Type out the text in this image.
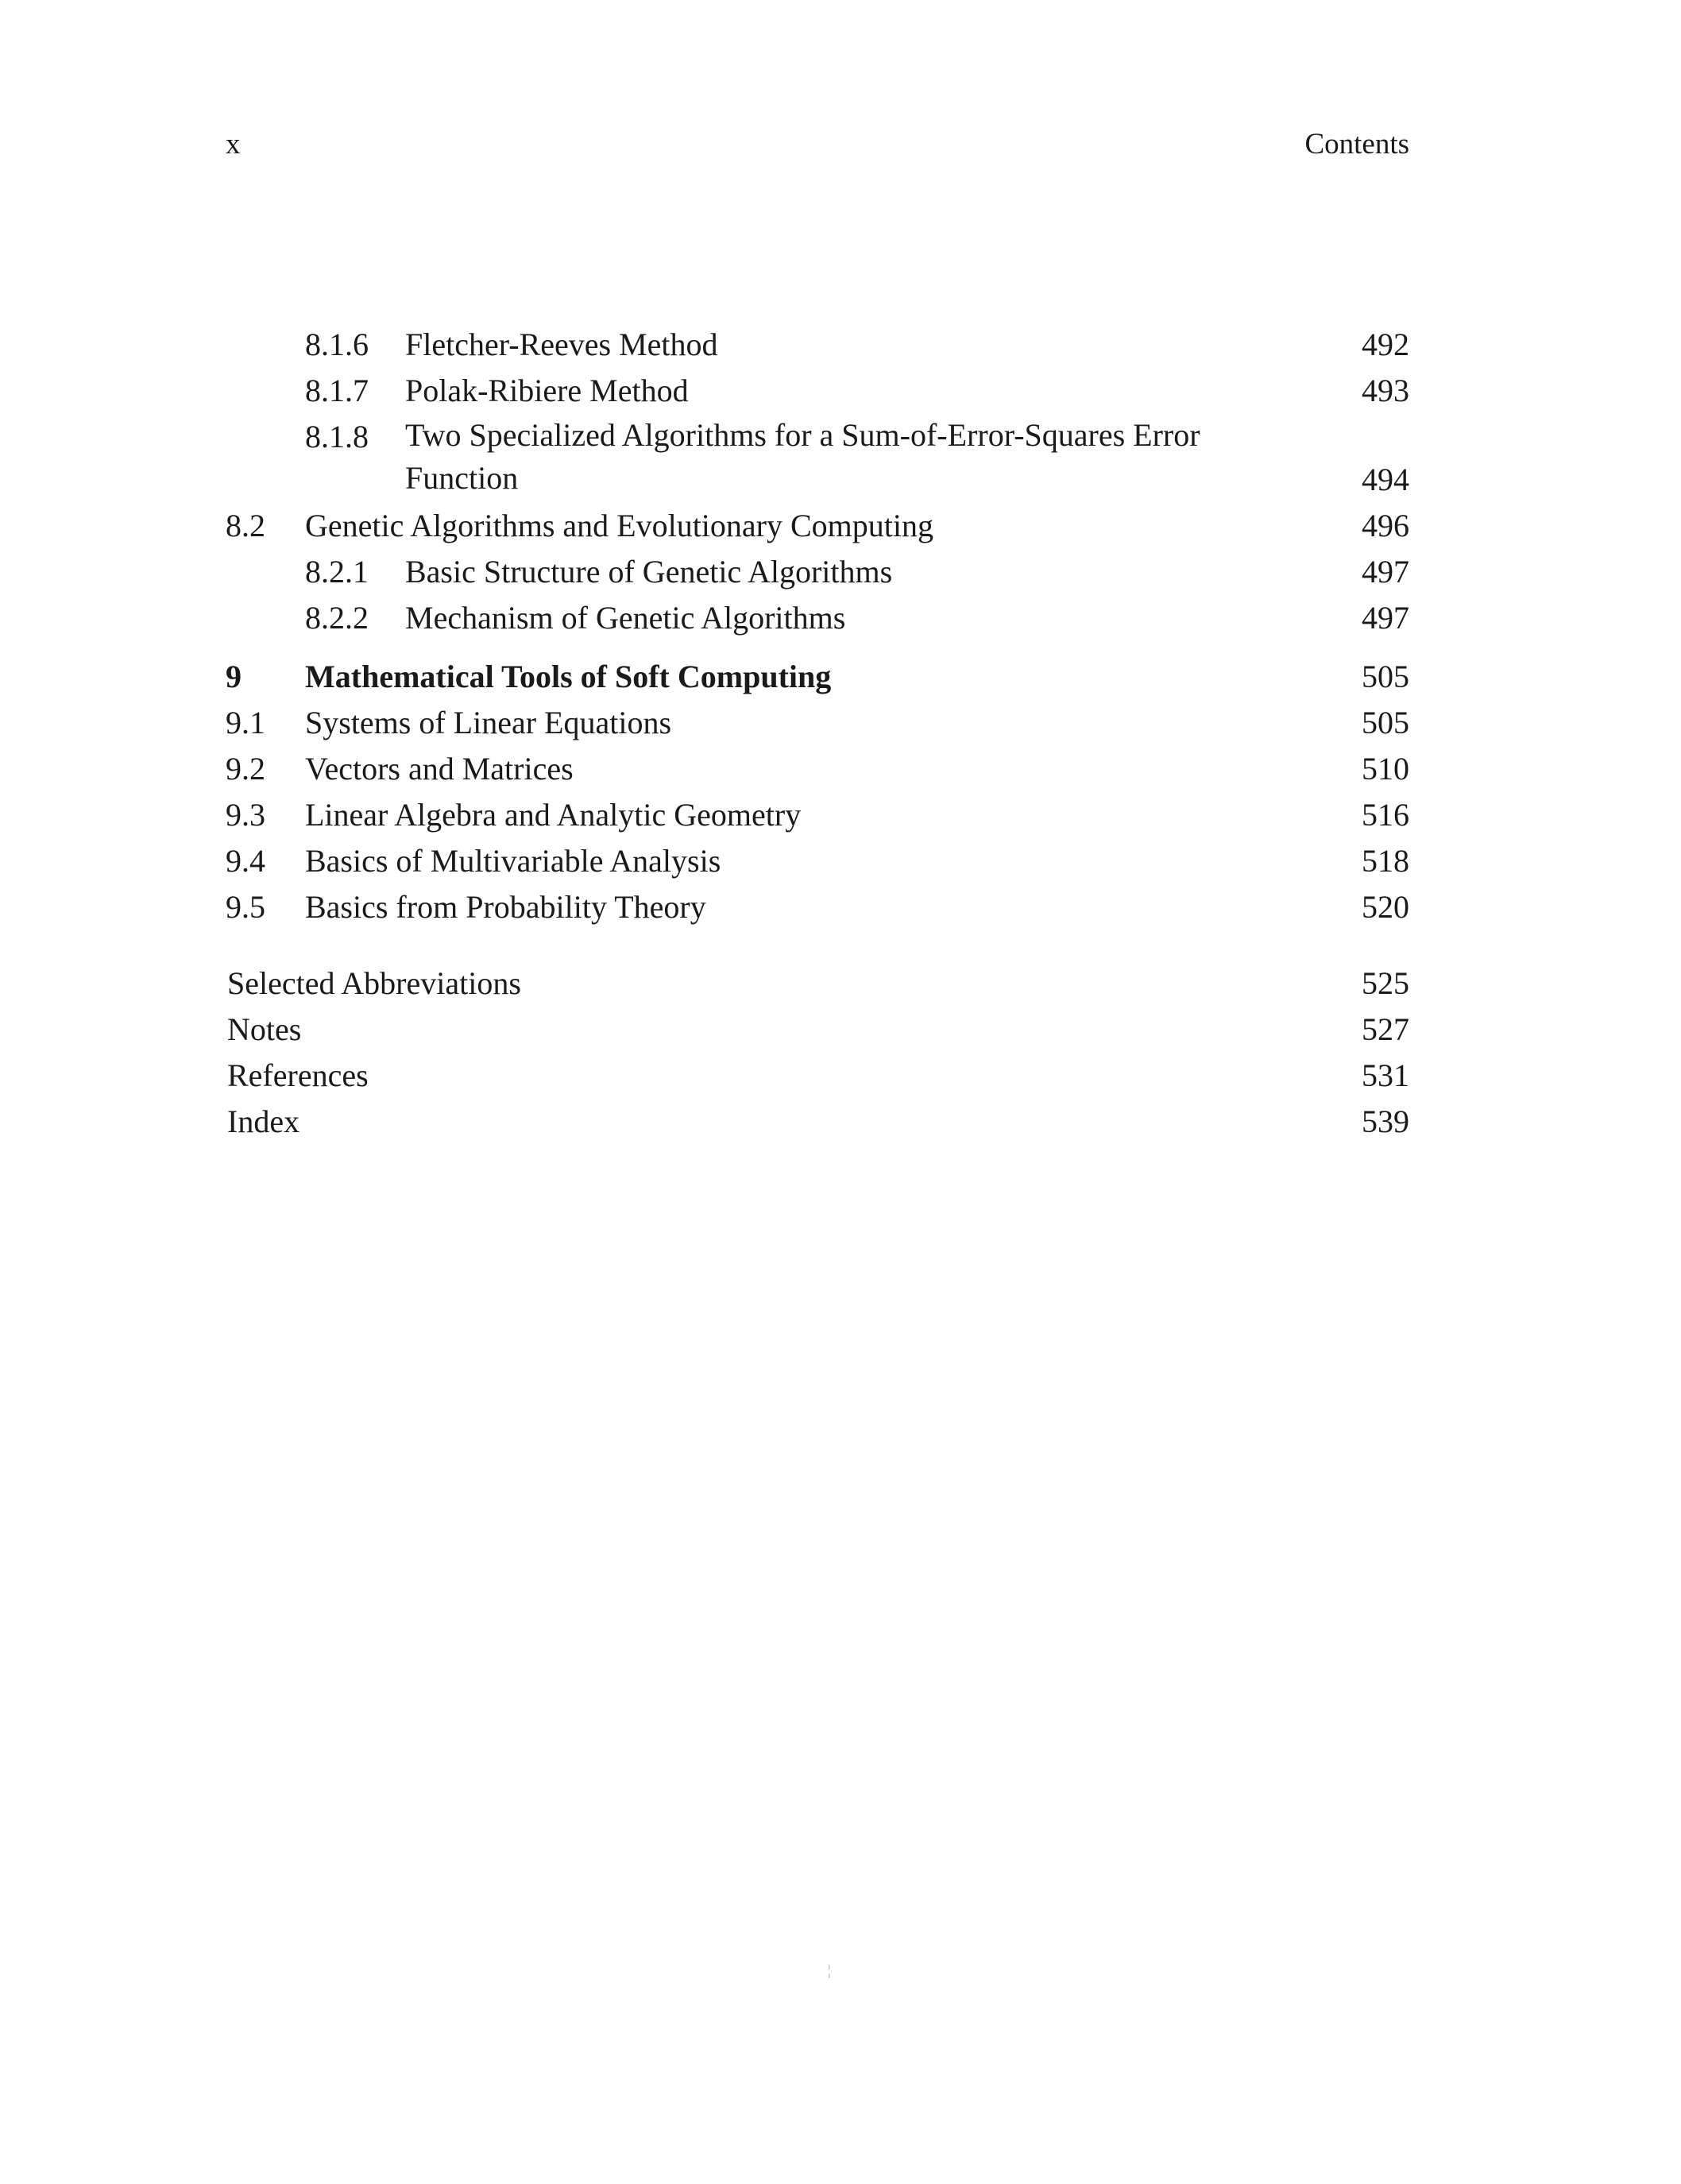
x	Contents
8.1.6 Fletcher-Reeves Method	492
8.1.7 Polak-Ribiere Method	493
8.1.8 Two Specialized Algorithms for a Sum-of-Error-Squares Error Function	494
8.2 Genetic Algorithms and Evolutionary Computing	496
8.2.1 Basic Structure of Genetic Algorithms	497
8.2.2 Mechanism of Genetic Algorithms	497
9 Mathematical Tools of Soft Computing	505
9.1 Systems of Linear Equations	505
9.2 Vectors and Matrices	510
9.3 Linear Algebra and Analytic Geometry	516
9.4 Basics of Multivariable Analysis	518
9.5 Basics from Probability Theory	520
Selected Abbreviations	525
Notes	527
References	531
Index	539
¦
